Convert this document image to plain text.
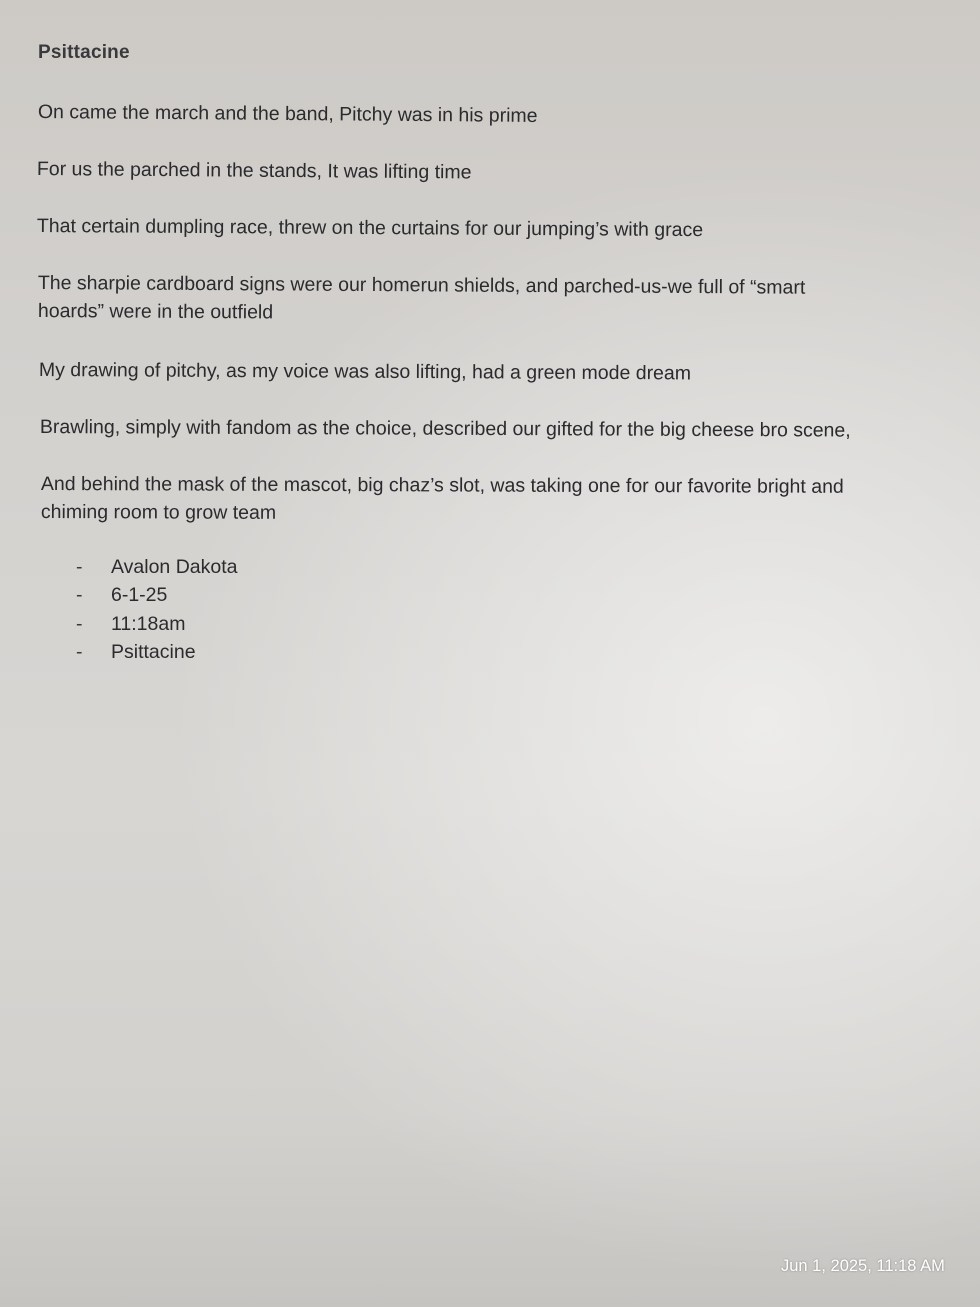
Psittacine
On came the march and the band, Pitchy was in his prime
For us the parched in the stands, It was lifting time
That certain dumpling race, threw on the curtains for our jumping’s with grace
The sharpie cardboard signs were our homerun shields, and parched-us-we full of “smart
hoards” were in the outfield
My drawing of pitchy, as my voice was also lifting, had a green mode dream
Brawling, simply with fandom as the choice, described our gifted for the big cheese bro scene,
And behind the mask of the mascot, big chaz’s slot, was taking one for our favorite bright and
chiming room to grow team
- Avalon Dakota
- 6-1-25
- 11:18am
- Psittacine
Jun 1, 2025, 11:18 AM
